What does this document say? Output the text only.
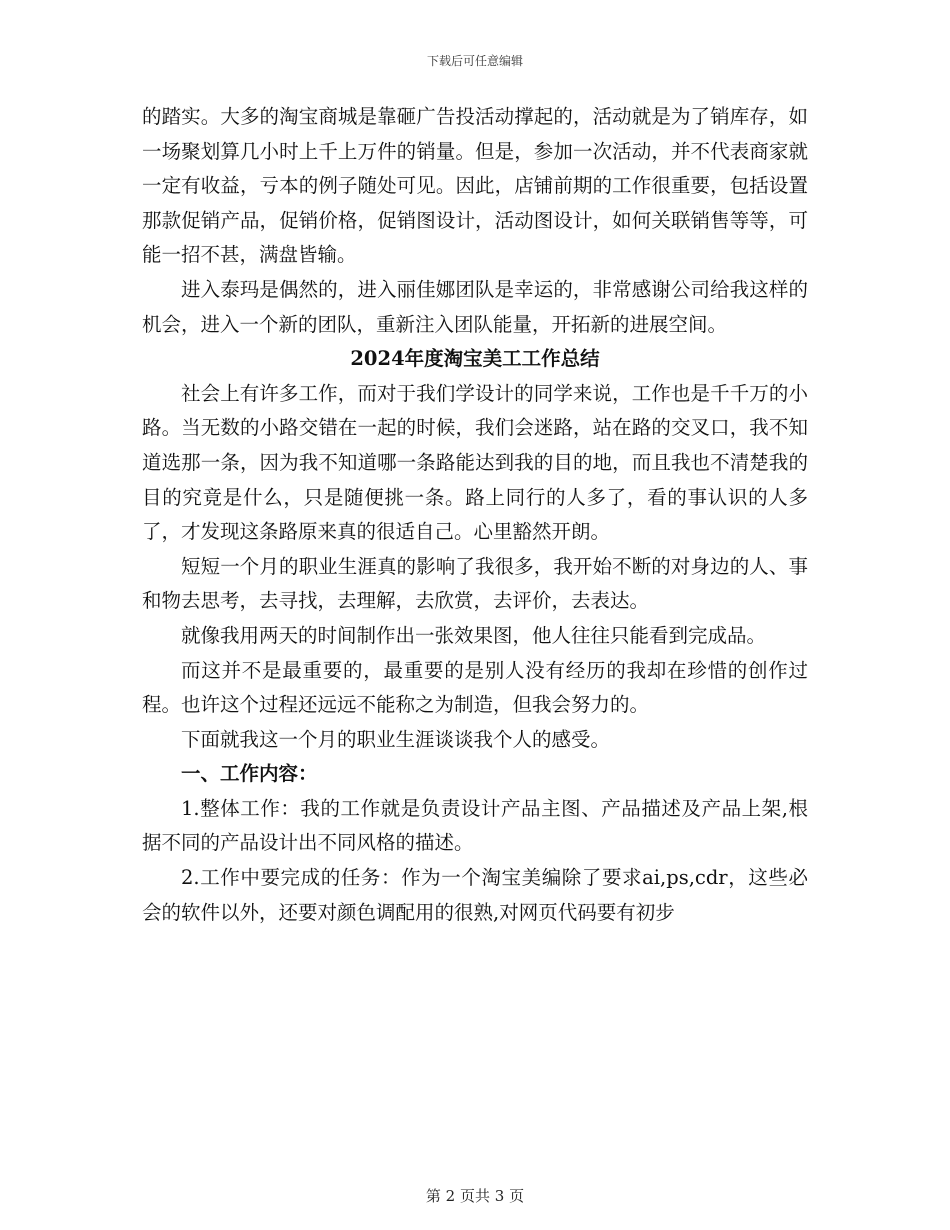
下载后可任意编辑

的踏实。大多的淘宝商城是靠砸广告投活动撑起的，活动就是为了销库存，如一场聚划算几小时上千上万件的销量。但是，参加一次活动，并不代表商家就一定有收益，亏本的例子随处可见。因此，店铺前期的工作很重要，包括设置那款促销产品，促销价格，促销图设计，活动图设计，如何关联销售等等，可能一招不甚，满盘皆输。

进入泰玛是偶然的，进入丽佳娜团队是幸运的，非常感谢公司给我这样的机会，进入一个新的团队，重新注入团队能量，开拓新的进展空间。

2024年度淘宝美工工作总结

社会上有许多工作，而对于我们学设计的同学来说，工作也是千千万的小路。当无数的小路交错在一起的时候，我们会迷路，站在路的交叉口，我不知道选那一条，因为我不知道哪一条路能达到我的目的地，而且我也不清楚我的目的究竟是什么，只是随便挑一条。路上同行的人多了，看的事认识的人多了，才发现这条路原来真的很适自己。心里豁然开朗。

短短一个月的职业生涯真的影响了我很多，我开始不断的对身边的人、事和物去思考，去寻找，去理解，去欣赏，去评价，去表达。

就像我用两天的时间制作出一张效果图，他人往往只能看到完成品。

而这并不是最重要的，最重要的是别人没有经历的我却在珍惜的创作过程。也许这个过程还远远不能称之为制造，但我会努力的。

下面就我这一个月的职业生涯谈谈我个人的感受。

一、工作内容：

1.整体工作：我的工作就是负责设计产品主图、产品描述及产品上架,根据不同的产品设计出不同风格的描述。

2.工作中要完成的任务：作为一个淘宝美编除了要求ai,ps,cdr，这些必会的软件以外，还要对颜色调配用的很熟,对网页代码要有初步

第 2 页共 3 页
